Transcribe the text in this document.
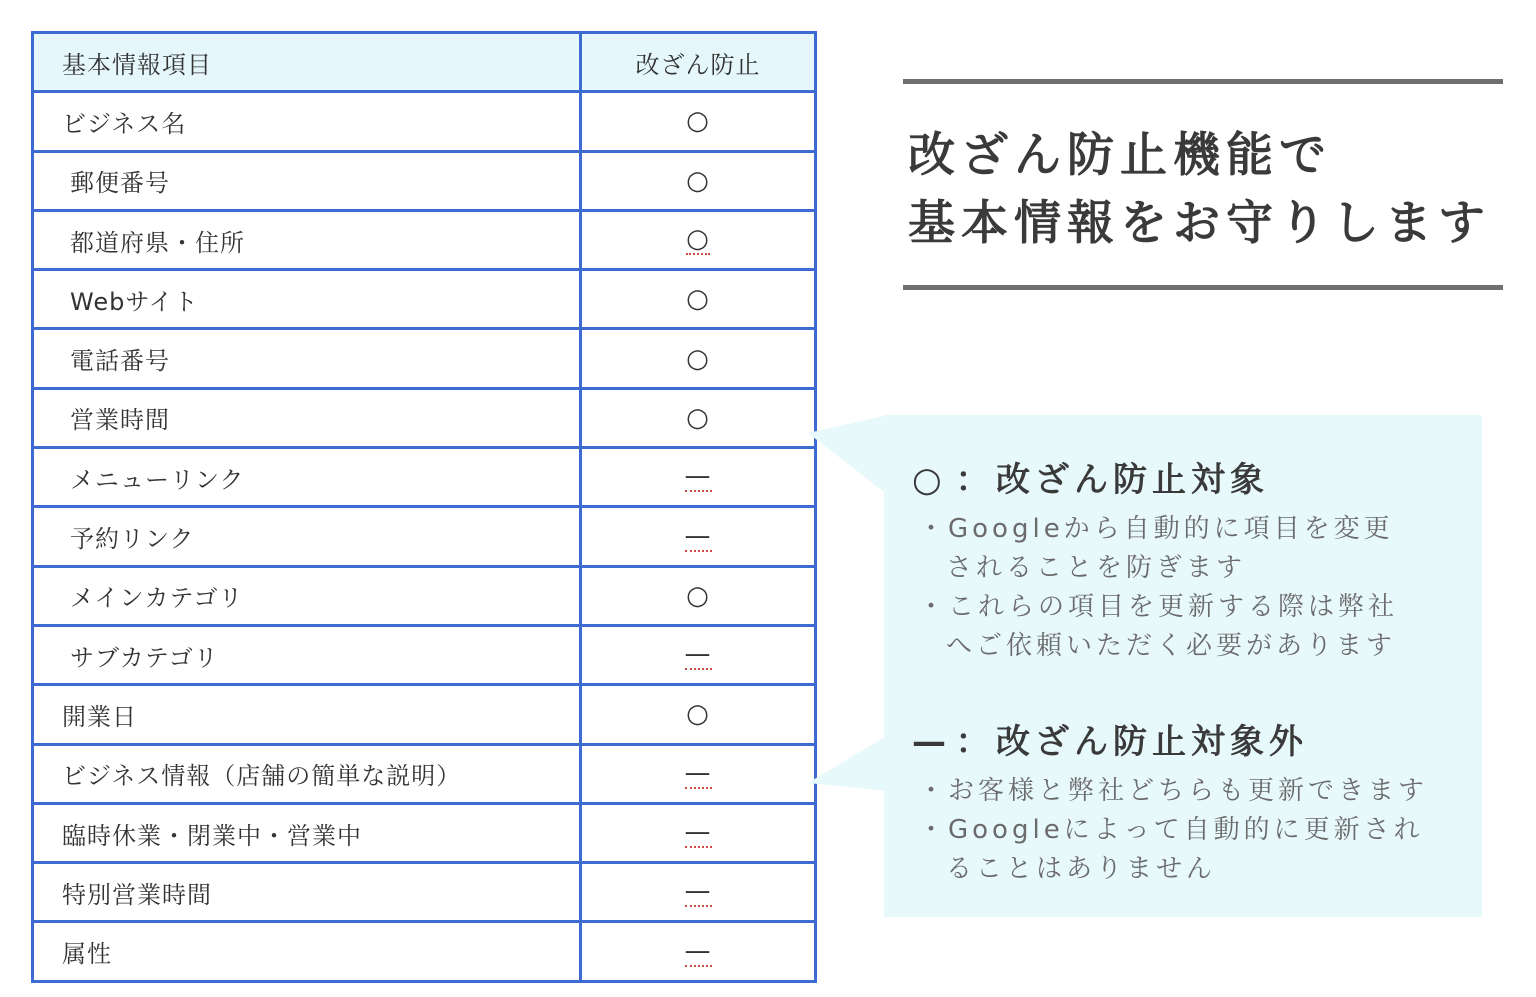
基本情報項目	改ざん防止
ビジネス名	○
郵便番号	○
都道府県・住所	○
Webサイト	○
電話番号	○
営業時間	○
メニューリンク	—
予約リンク	—
メインカテゴリ	○
サブカテゴリ	—
開業日	○
ビジネス情報（店舗の簡単な説明）	—
臨時休業・閉業中・営業中	—
特別営業時間	—
属性	—
改ざん防止機能で
基本情報をお守りします
○ ：改ざん防止対象
・Googleから自動的に項目を変更
されることを防ぎます
・これらの項目を更新する際は弊社
へご依頼いただく必要があります
— ：改ざん防止対象外
・お客様と弊社どちらも更新できます
・Googleによって自動的に更新され
ることはありません
